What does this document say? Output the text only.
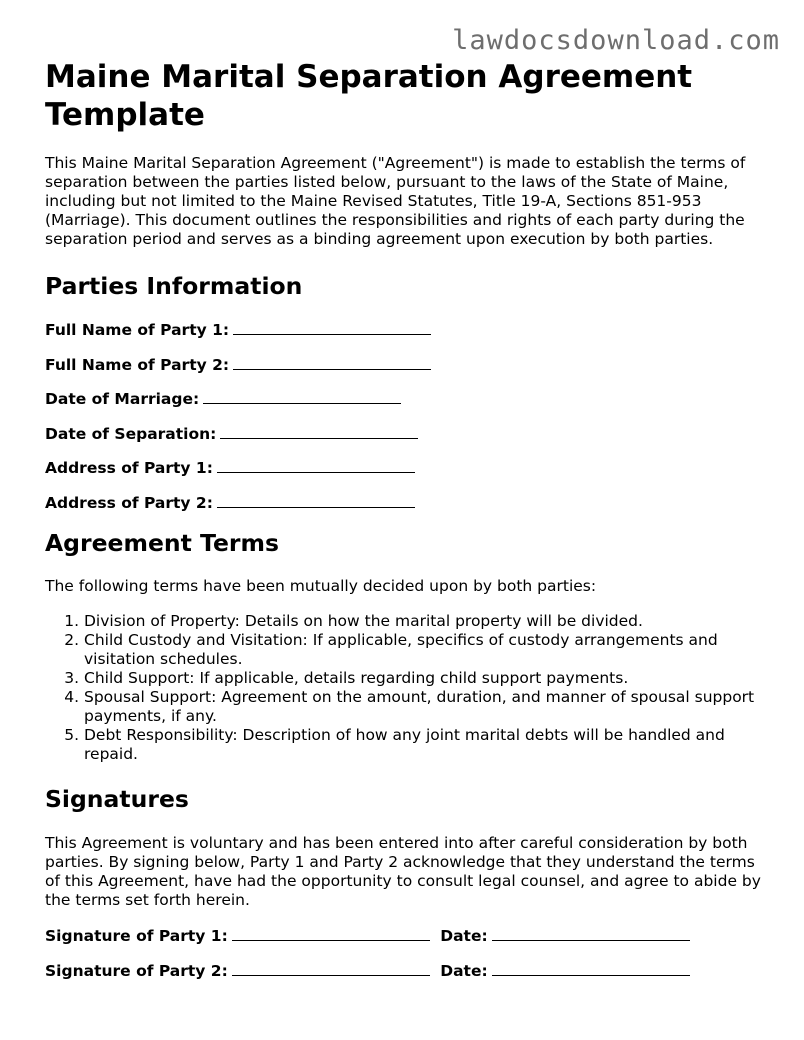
lawdocsdownload.com
Maine Marital Separation Agreement Template

This Maine Marital Separation Agreement ("Agreement") is made to establish the terms of separation between the parties listed below, pursuant to the laws of the State of Maine, including but not limited to the Maine Revised Statutes, Title 19-A, Sections 851-953 (Marriage). This document outlines the responsibilities and rights of each party during the separation period and serves as a binding agreement upon execution by both parties.

Parties Information
Full Name of Party 1:
Full Name of Party 2:
Date of Marriage:
Date of Separation:
Address of Party 1:
Address of Party 2:
Agreement Terms

The following terms have been mutually decided upon by both parties:

1. Division of Property: Details on how the marital property will be divided.
2. Child Custody and Visitation: If applicable, specifics of custody arrangements and visitation schedules.
3. Child Support: If applicable, details regarding child support payments.
4. Spousal Support: Agreement on the amount, duration, and manner of spousal support payments, if any.
5. Debt Responsibility: Description of how any joint marital debts will be handled and repaid.
Signatures

This Agreement is voluntary and has been entered into after careful consideration by both parties. By signing below, Party 1 and Party 2 acknowledge that they understand the terms of this Agreement, have had the opportunity to consult legal counsel, and agree to abide by the terms set forth herein.

Signature of Party 1:	Date:
Signature of Party 2:	Date:
